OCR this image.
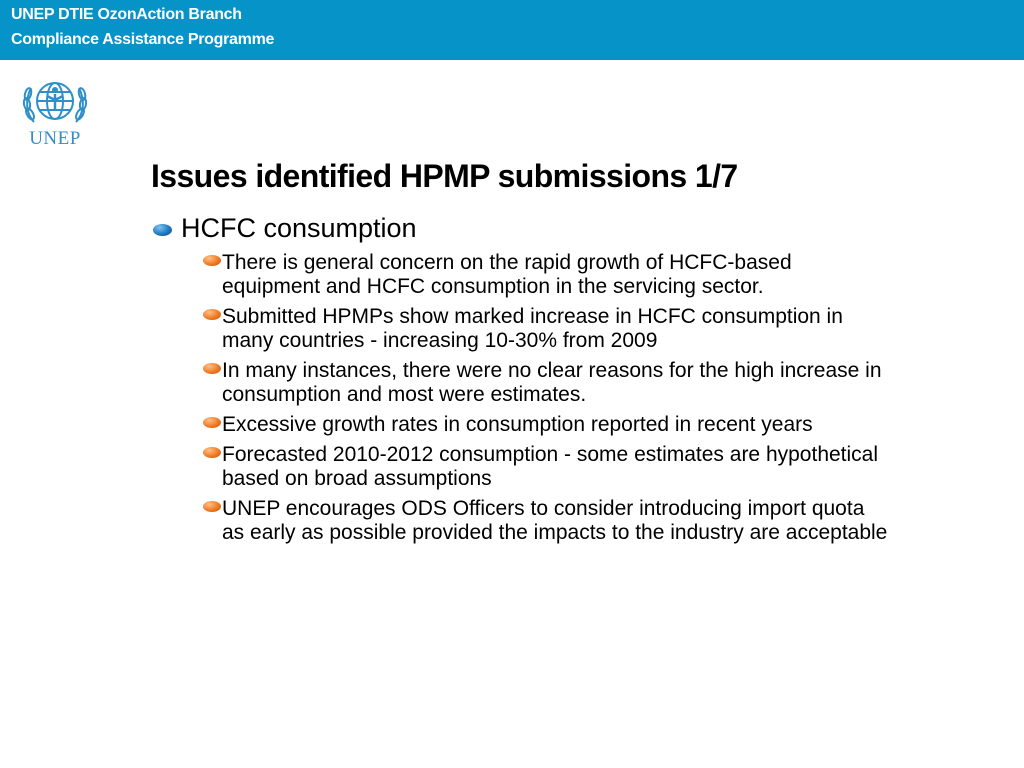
UNEP DTIE OzonAction Branch
Compliance Assistance Programme
UNEP
Issues identified HPMP submissions 1/7
HCFC consumption
There is general concern on the rapid growth of HCFC-based equipment and HCFC consumption in the servicing sector.
Submitted HPMPs show marked increase in HCFC consumption in many countries - increasing 10-30% from 2009
In many instances, there were no clear reasons for the high increase in consumption and most were estimates.
Excessive growth rates in consumption reported in recent years
Forecasted 2010-2012 consumption - some estimates are hypothetical based on broad assumptions
UNEP encourages ODS Officers to consider introducing import quota as early as possible provided the impacts to the industry are acceptable
